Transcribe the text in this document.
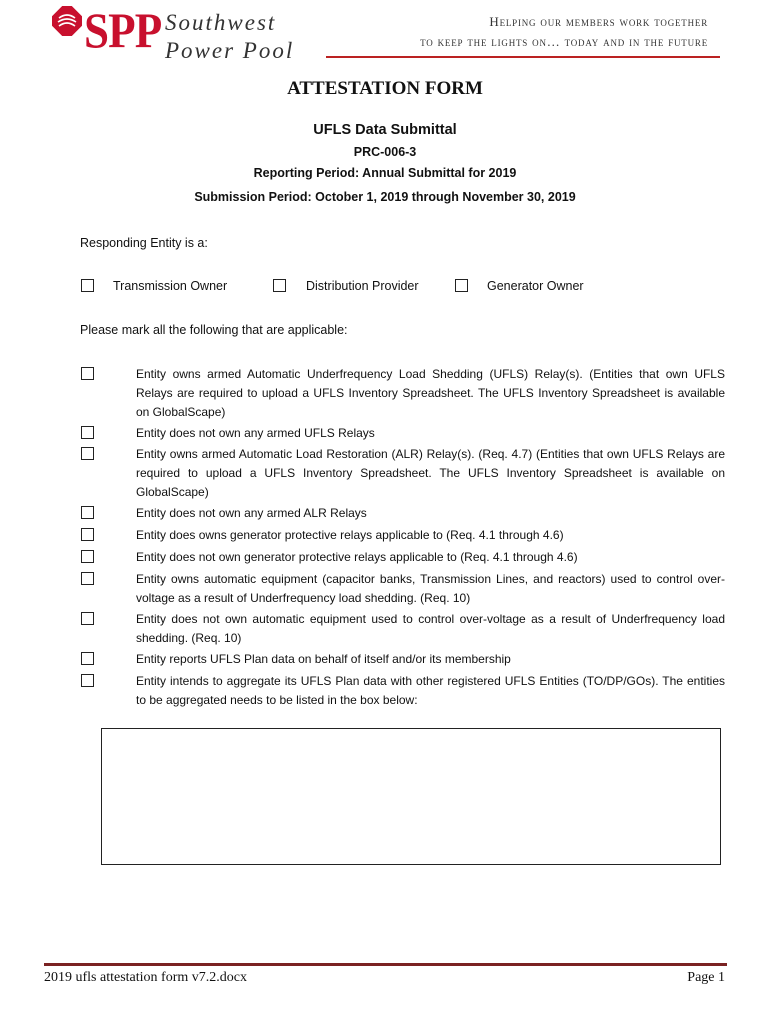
SPP Southwest
Power Pool
Helping our members work together
to keep the lights on… today and in the future
ATTESTATION FORM
UFLS Data Submittal
PRC-006-3
Reporting Period: Annual Submittal for 2019
Submission Period: October 1, 2019 through November 30, 2019
Responding Entity is a:
Transmission Owner	Distribution Provider	Generator Owner
Please mark all the following that are applicable:
Entity owns armed Automatic Underfrequency Load Shedding (UFLS) Relay(s). (Entities that own UFLS Relays are required to upload a UFLS Inventory Spreadsheet. The UFLS Inventory Spreadsheet is available on GlobalScape)
Entity does not own any armed UFLS Relays
Entity owns armed Automatic Load Restoration (ALR) Relay(s). (Req. 4.7) (Entities that own UFLS Relays are required to upload a UFLS Inventory Spreadsheet. The UFLS Inventory Spreadsheet is available on GlobalScape)
Entity does not own any armed ALR Relays
Entity does owns generator protective relays applicable to (Req. 4.1 through 4.6)
Entity does not own generator protective relays applicable to (Req. 4.1 through 4.6)
Entity owns automatic equipment (capacitor banks, Transmission Lines, and reactors) used to control over-voltage as a result of Underfrequency load shedding. (Req. 10)
Entity does not own automatic equipment used to control over-voltage as a result of Underfrequency load shedding. (Req. 10)
Entity reports UFLS Plan data on behalf of itself and/or its membership
Entity intends to aggregate its UFLS Plan data with other registered UFLS Entities (TO/DP/GOs). The entities to be aggregated needs to be listed in the box below:
2019 ufls attestation form v7.2.docx	Page 1
